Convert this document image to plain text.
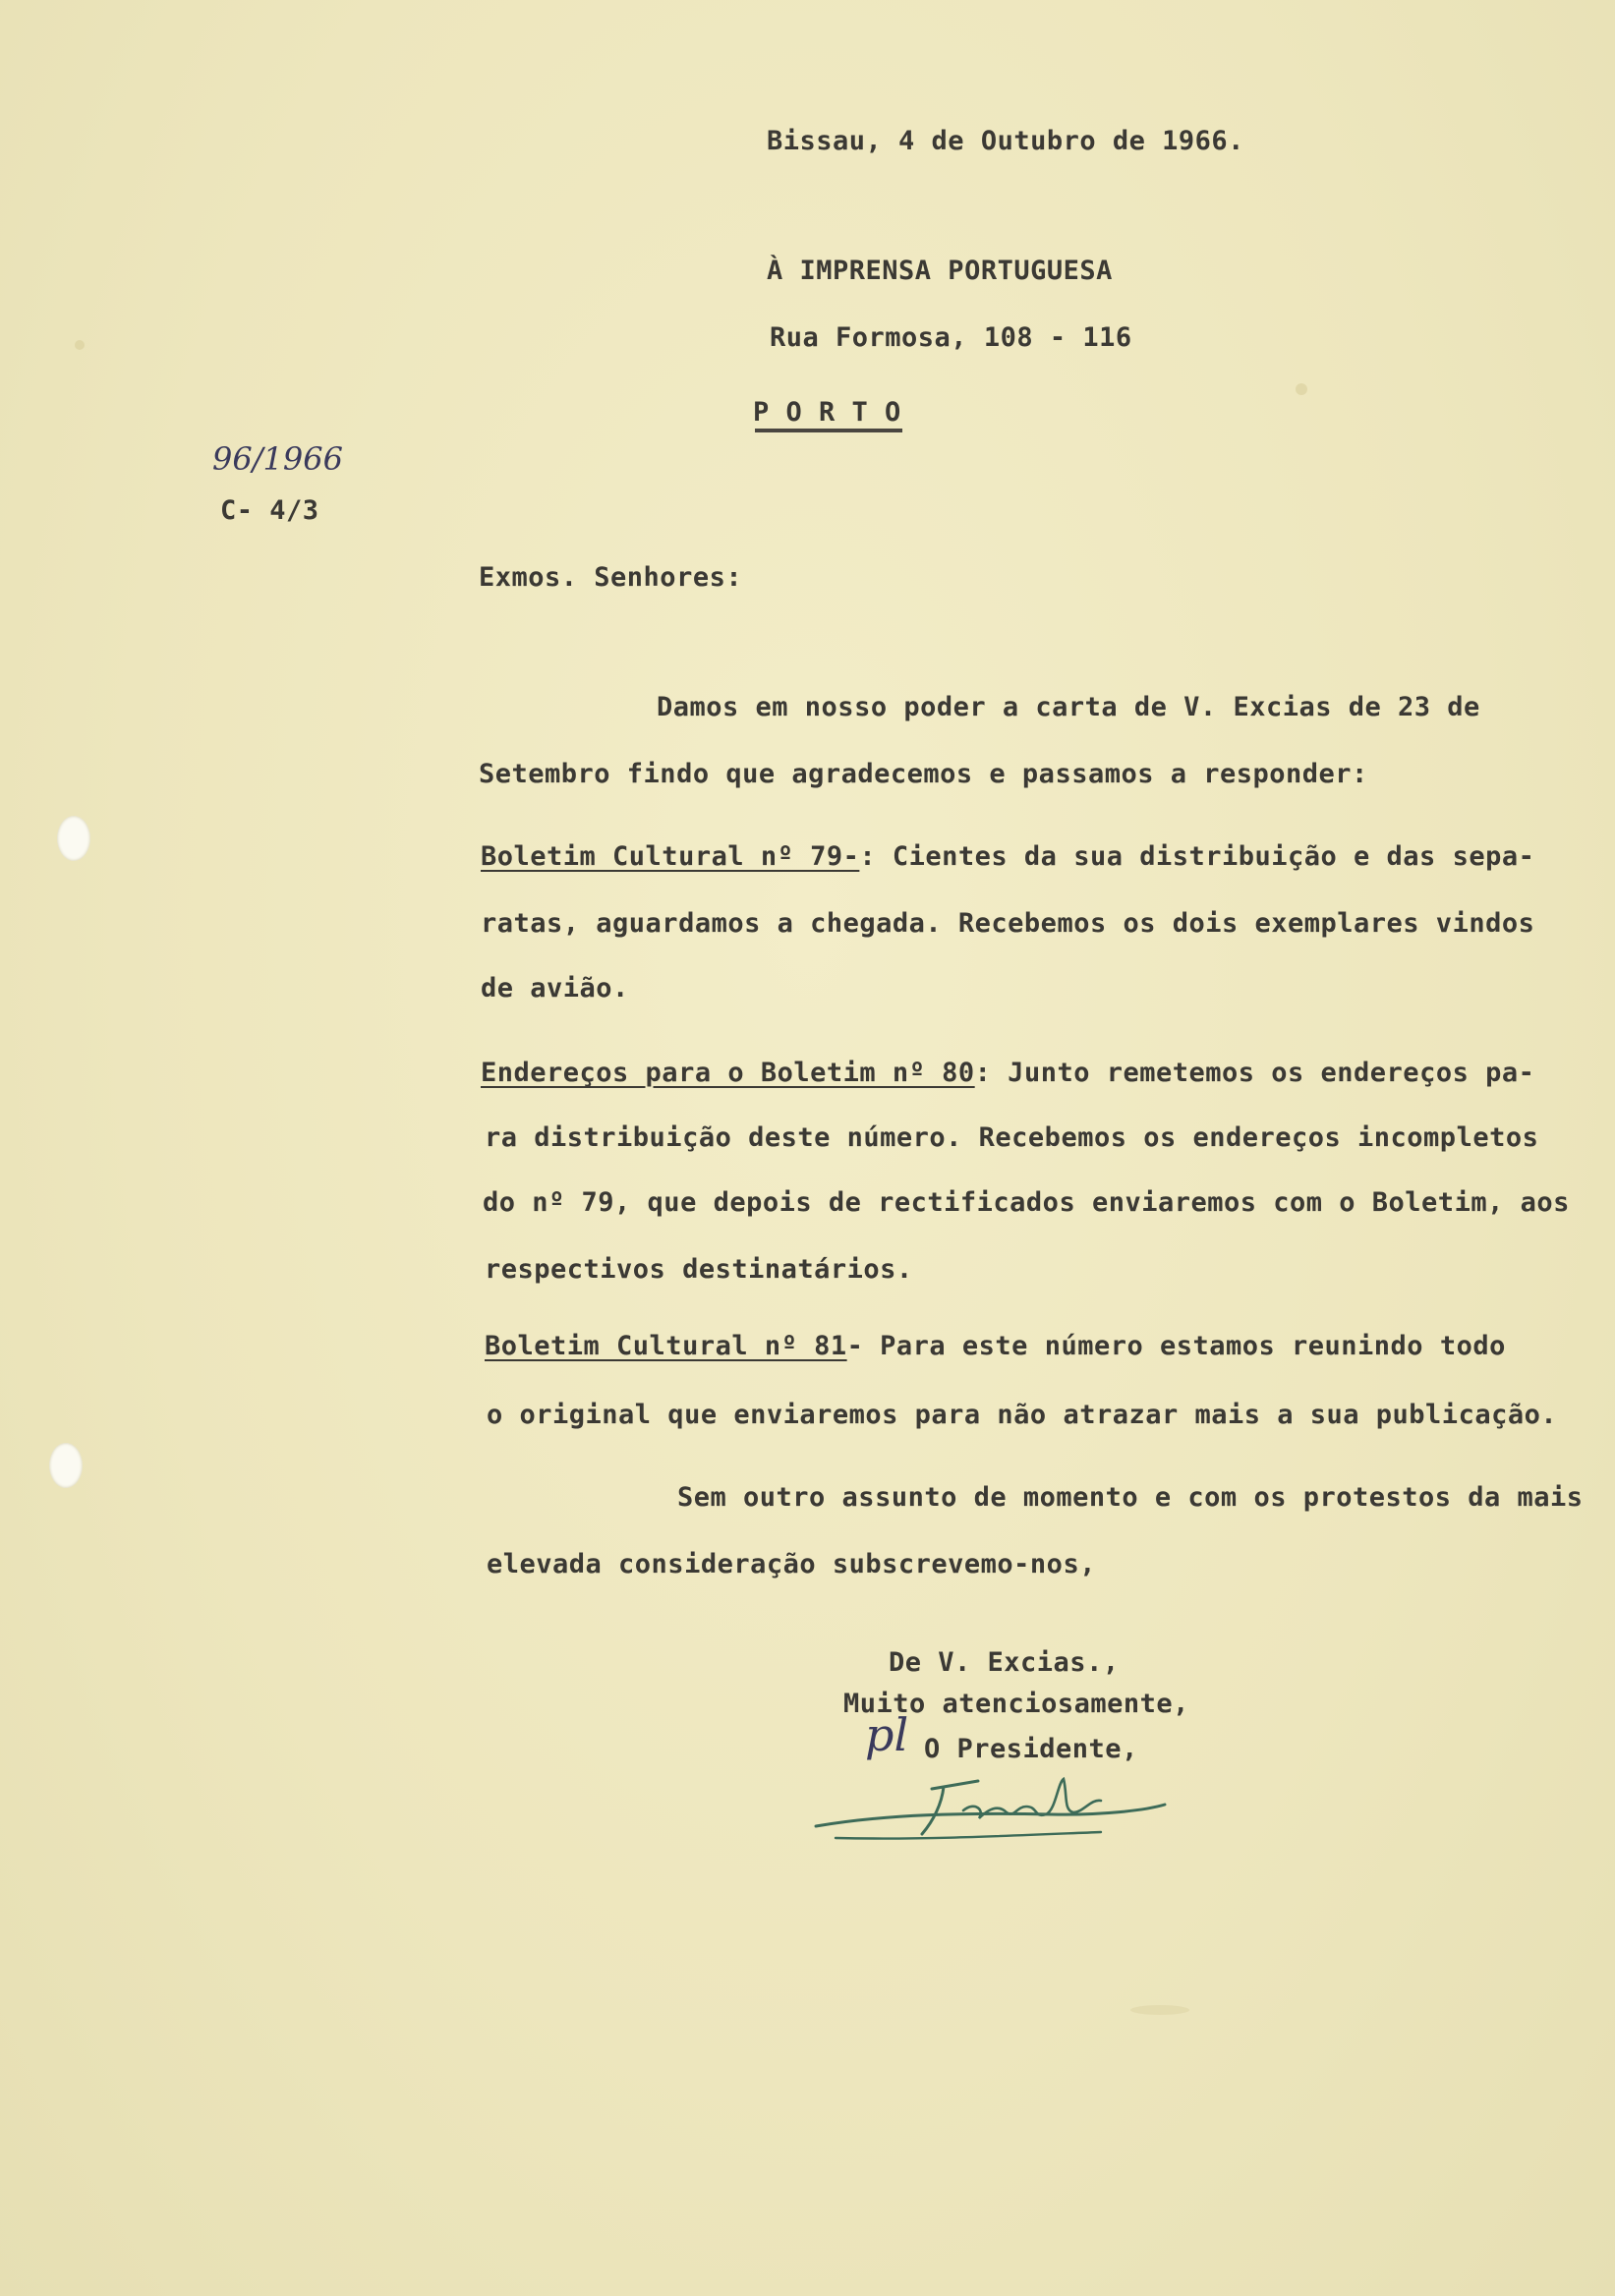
Bissau, 4 de Outubro de 1966.
À IMPRENSA PORTUGUESA
Rua Formosa, 108 - 116
P O R T O
96/1966
C- 4/3
Exmos. Senhores:
Damos em nosso poder a carta de V. Excias de 23 de
Setembro findo que agradecemos e passamos a responder:
Boletim Cultural nº 79-: Cientes da sua distribuição e das sepa-
ratas, aguardamos a chegada. Recebemos os dois exemplares vindos
de avião.
Endereços para o Boletim nº 80: Junto remetemos os endereços pa-
ra distribuição deste número. Recebemos os endereços incompletos
do nº 79, que depois de rectificados enviaremos com o Boletim, aos
respectivos destinatários.
Boletim Cultural nº 81- Para este número estamos reunindo todo
o original que enviaremos para não atrazar mais a sua publicação.
Sem outro assunto de momento e com os protestos da mais
elevada consideração subscrevemo-nos,
De V. Excias.,
Muito atenciosamente,
O Presidente,
pl
